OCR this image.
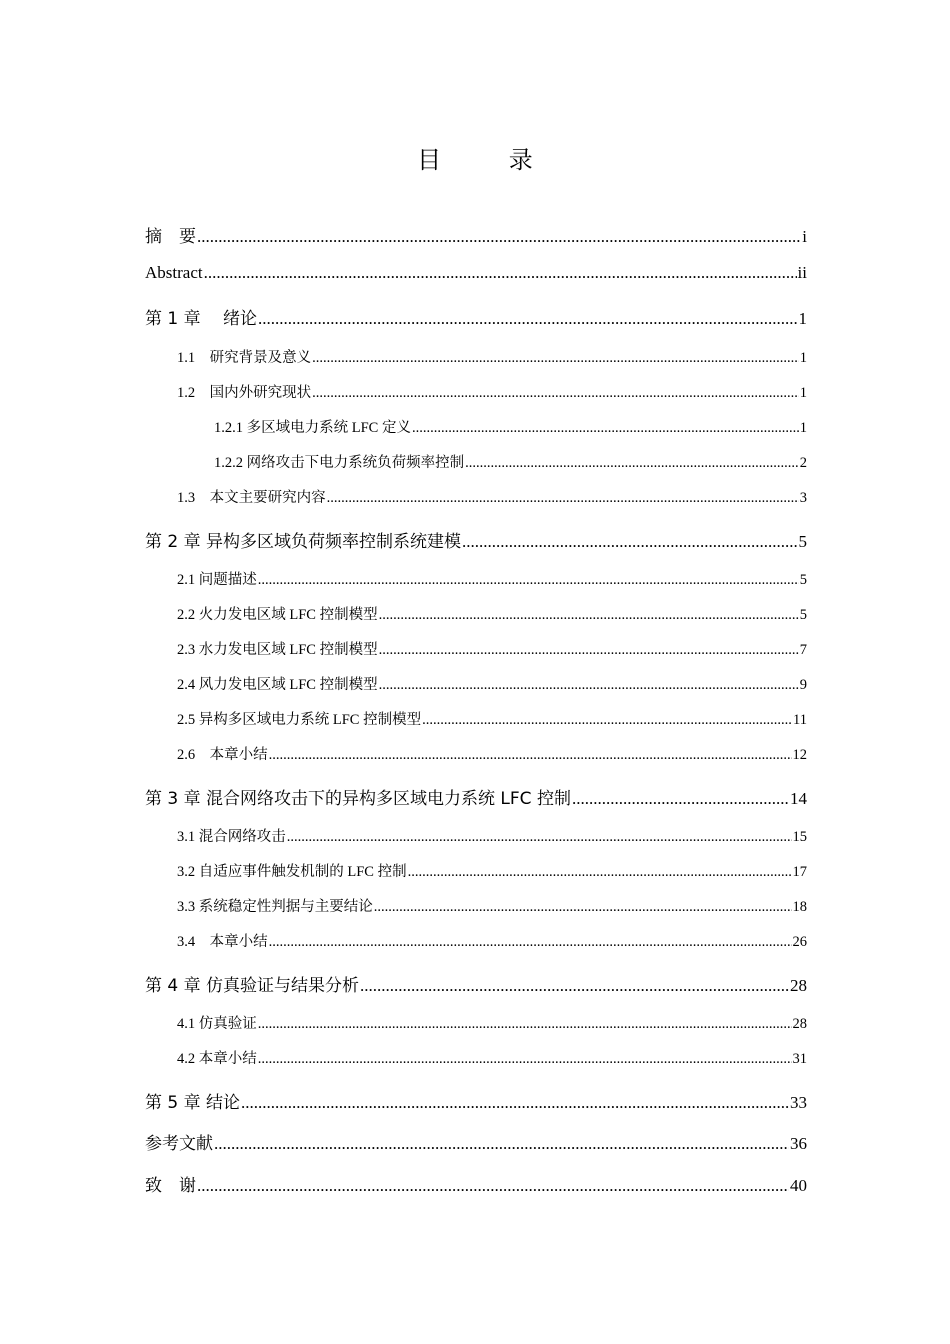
目 录
摘　要 .....	i
Abstract .....	ii
第 1 章　 绪论 .....	1
1.1　研究背景及意义 .....	1
1.2　国内外研究现状 .....	1
1.2.1 多区域电力系统 LFC 定义 .....	1
1.2.2 网络攻击下电力系统负荷频率控制 .....	2
1.3　本文主要研究内容 .....	3
第 2 章 异构多区域负荷频率控制系统建模 .....	5
2.1 问题描述 .....	5
2.2 火力发电区域 LFC 控制模型 .....	5
2.3 水力发电区域 LFC 控制模型 .....	7
2.4 风力发电区域 LFC 控制模型 .....	9
2.5 异构多区域电力系统 LFC 控制模型 .....	11
2.6　本章小结 .....	12
第 3 章 混合网络攻击下的异构多区域电力系统 LFC 控制 .....	14
3.1 混合网络攻击 .....	15
3.2 自适应事件触发机制的 LFC 控制 .....	17
3.3 系统稳定性判据与主要结论 .....	18
3.4　本章小结 .....	26
第 4 章 仿真验证与结果分析 .....	28
4.1 仿真验证 .....	28
4.2 本章小结 .....	31
第 5 章 结论 .....	33
参考文献 .....	36
致　谢 .....	40
